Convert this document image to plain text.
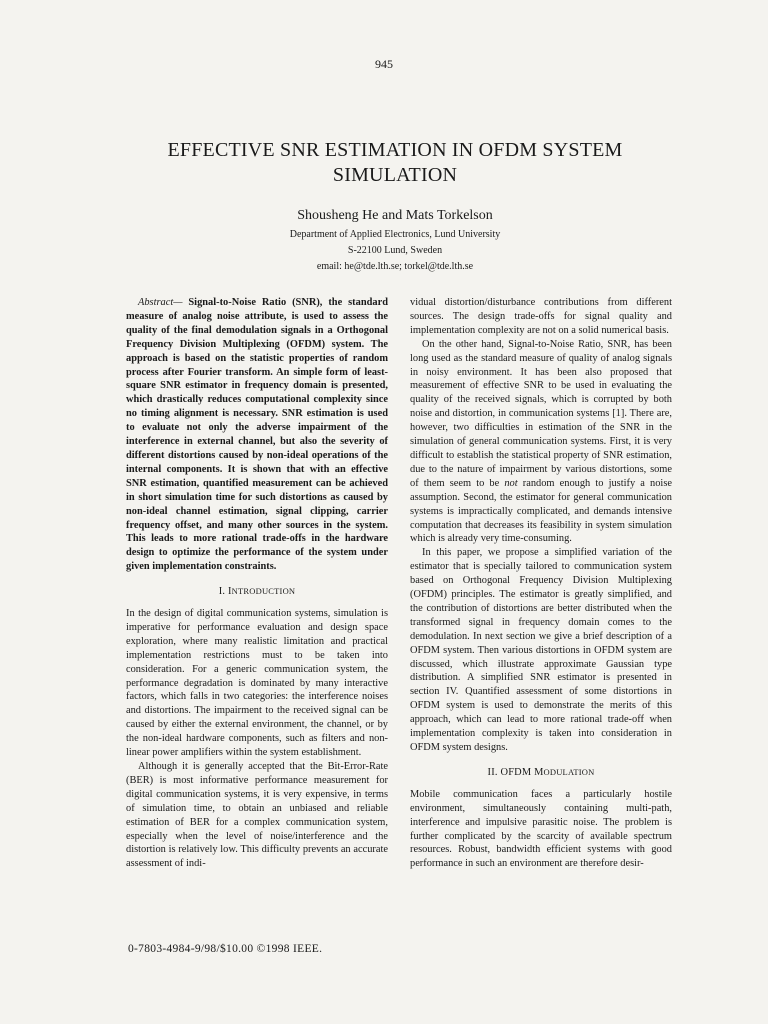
945
EFFECTIVE SNR ESTIMATION IN OFDM SYSTEM
SIMULATION
Shousheng He and Mats Torkelson
Department of Applied Electronics, Lund University
S-22100 Lund, Sweden
email: he@tde.lth.se; torkel@tde.lth.se

Abstract— Signal-to-Noise Ratio (SNR), the standard measure of analog noise attribute, is used to assess the quality of the final demodulation signals in a Orthogonal Frequency Division Multiplexing (OFDM) system. The approach is based on the statistic properties of random process after Fourier transform. An simple form of least-square SNR estimator in frequency domain is presented, which drastically reduces computational complexity since no timing alignment is necessary. SNR estimation is used to evaluate not only the adverse impairment of the interference in external channel, but also the severity of different distortions caused by non-ideal operations of the internal components. It is shown that with an effective SNR estimation, quantified measurement can be achieved in short simulation time for such distortions as caused by non-ideal channel estimation, signal clipping, carrier frequency offset, and many other sources in the system. This leads to more rational trade-offs in the hardware design to optimize the performance of the system under given implementation constraints.

I. INTRODUCTION

In the design of digital communication systems, simulation is imperative for performance evaluation and design space exploration, where many realistic limitation and practical implementation restrictions must to be taken into consideration. For a generic communication system, the performance degradation is dominated by many interactive factors, which falls in two categories: the interference noises and distortions. The impairment to the received signal can be caused by either the external environment, the channel, or by the non-ideal hardware components, such as filters and non-linear power amplifiers within the system establishment.

Although it is generally accepted that the Bit-Error-Rate (BER) is most informative performance measurement for digital communication systems, it is very expensive, in terms of simulation time, to obtain an unbiased and reliable estimation of BER for a complex communication system, especially when the level of noise/interference and the distortion is relatively low. This difficulty prevents an accurate assessment of indi-

vidual distortion/disturbance contributions from different sources. The design trade-offs for signal quality and implementation complexity are not on a solid numerical basis.

On the other hand, Signal-to-Noise Ratio, SNR, has been long used as the standard measure of quality of analog signals in noisy environment. It has been also proposed that measurement of effective SNR to be used in evaluating the quality of the received signals, which is corrupted by both noise and distortion, in communication systems [1]. There are, however, two difficulties in estimation of the SNR in the simulation of general communication systems. First, it is very difficult to establish the statistical property of SNR estimation, due to the nature of impairment by various distortions, some of them seem to be not random enough to justify a noise assumption. Second, the estimator for general communication systems is impractically complicated, and demands intensive computation that decreases its feasibility in system simulation which is already very time-consuming.

In this paper, we propose a simplified variation of the estimator that is specially tailored to communication system based on Orthogonal Frequency Division Multiplexing (OFDM) principles. The estimator is greatly simplified, and the contribution of distortions are better distributed when the transformed signal in frequency domain comes to the demodulation. In next section we give a brief description of a OFDM system. Then various distortions in OFDM system are discussed, which illustrate approximate Gaussian type distribution. A simplified SNR estimator is presented in section IV. Quantified assessment of some distortions in OFDM system is used to demonstrate the merits of this approach, which can lead to more rational trade-off when implementation complexity is taken into consideration in OFDM system designs.

II. OFDM MODULATION

Mobile communication faces a particularly hostile environment, simultaneously containing multi-path, interference and impulsive parasitic noise. The problem is further complicated by the scarcity of available spectrum resources. Robust, bandwidth efficient systems with good performance in such an environment are therefore desir-

0-7803-4984-9/98/$10.00 ©1998 IEEE.
